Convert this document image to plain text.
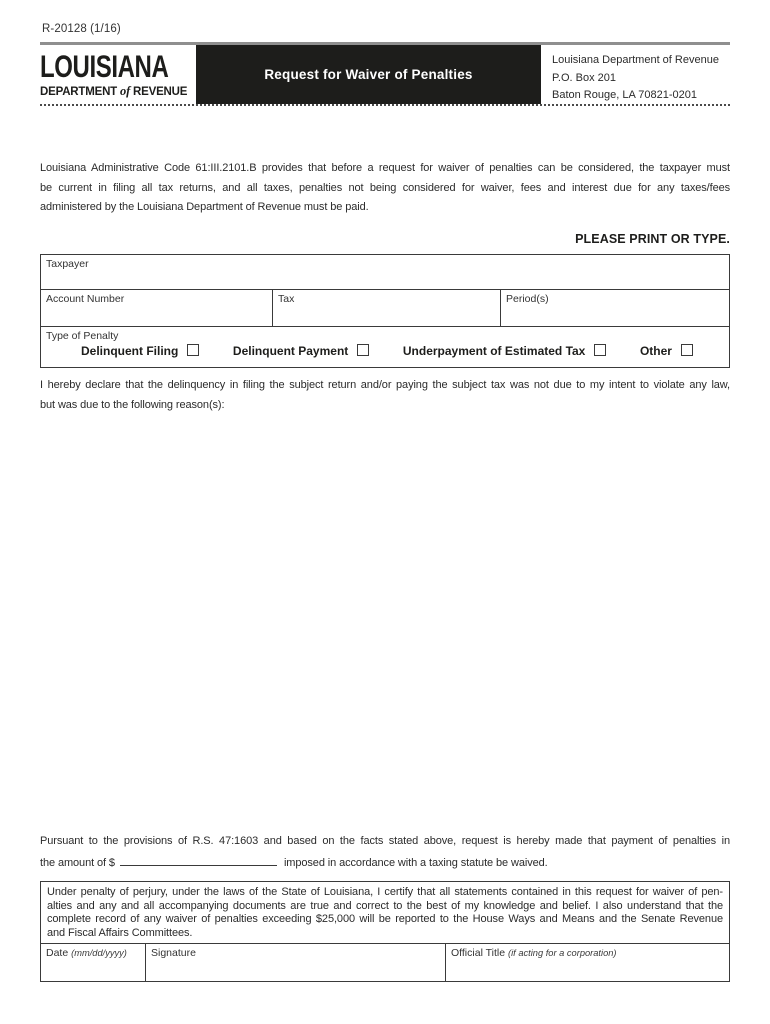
R-20128 (1/16)
LOUISIANA
DEPARTMENT of REVENUE
Request for Waiver of Penalties
Louisiana Department of Revenue
P.O. Box 201
Baton Rouge, LA 70821-0201
Louisiana Administrative Code 61:III.2101.B provides that before a request for waiver of penalties can be considered, the taxpayer must
be current in filing all tax returns, and all taxes, penalties not being considered for waiver, fees and interest due for any taxes/fees
administered by the Louisiana Department of Revenue must be paid.
PLEASE PRINT OR TYPE.
Taxpayer
Account Number	Tax	Period(s)
Type of Penalty
Delinquent Filing	Delinquent Payment	Underpayment of Estimated Tax	Other
I hereby declare that the delinquency in filing the subject return and/or paying the subject tax was not due to my intent to violate any law,
but was due to the following reason(s):
Pursuant to the provisions of R.S. 47:1603 and based on the facts stated above, request is hereby made that payment of penalties in
the amount of $	imposed in accordance with a taxing statute be waived.
Under penalty of perjury, under the laws of the State of Louisiana, I certify that all statements contained in this request for waiver of pen-
alties and any and all accompanying documents are true and correct to the best of my knowledge and belief. I also understand that the
complete record of any waiver of penalties exceeding $25,000 will be reported to the House Ways and Means and the Senate Revenue
and Fiscal Affairs Committees.
Date (mm/dd/yyyy)	Signature	Official Title (if acting for a corporation)
